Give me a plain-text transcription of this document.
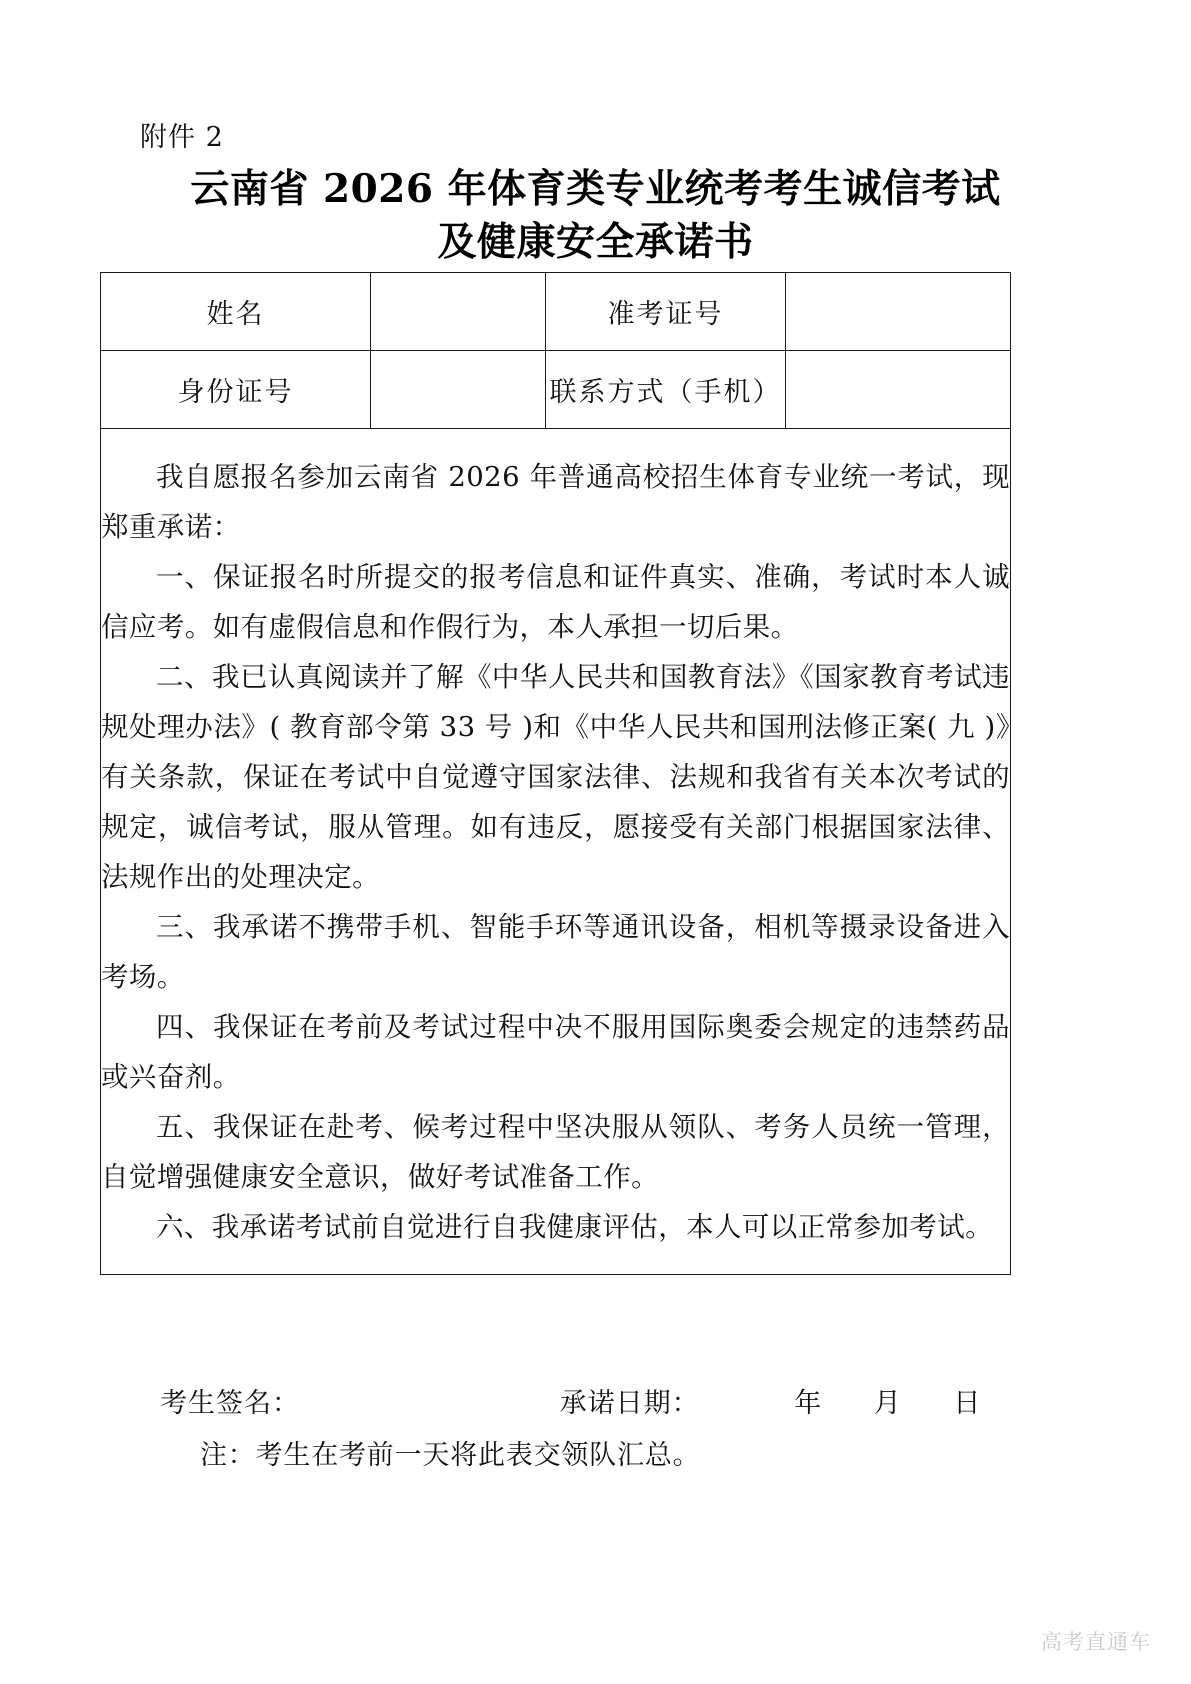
附件 2
云南省 2026 年体育类专业统考考生诚信考试
及健康安全承诺书
姓名		准考证号	
身份证号		联系方式（手机）	

我自愿报名参加云南省 2026 年普通高校招生体育专业统一考试，现郑重承诺：

一、保证报名时所提交的报考信息和证件真实、准确，考试时本人诚信应考。如有虚假信息和作假行为，本人承担一切后果。

二、我已认真阅读并了解《中华人民共和国教育法》《国家教育考试违规处理办法》( 教育部令第 33 号 )和《中华人民共和国刑法修正案( 九 )》有关条款，保证在考试中自觉遵守国家法律、法规和我省有关本次考试的规定，诚信考试，服从管理。如有违反，愿接受有关部门根据国家法律、法规作出的处理决定。

三、我承诺不携带手机、智能手环等通讯设备，相机等摄录设备进入考场。

四、我保证在考前及考试过程中决不服用国际奥委会规定的违禁药品或兴奋剂。

五、我保证在赴考、候考过程中坚决服从领队、考务人员统一管理，自觉增强健康安全意识，做好考试准备工作。

六、我承诺考试前自觉进行自我健康评估，本人可以正常参加考试。

考生签名：	承诺日期：	年 月 日
注：考生在考前一天将此表交领队汇总。
高考直通车
